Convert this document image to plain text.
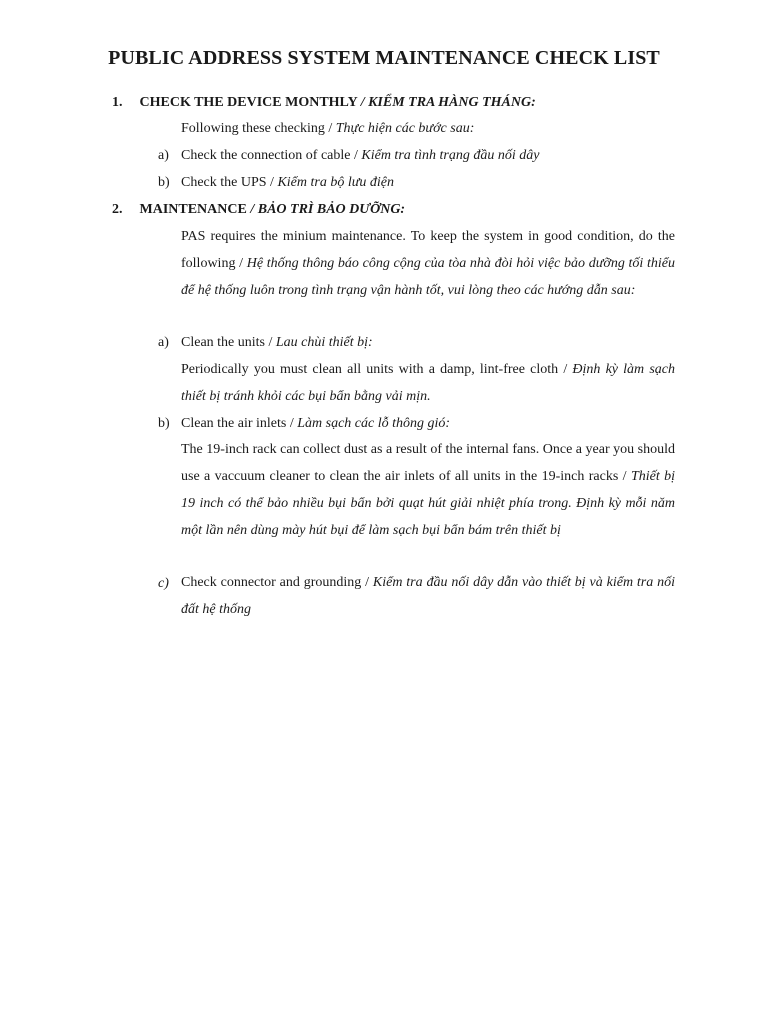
PUBLIC ADDRESS SYSTEM MAINTENANCE CHECK LIST
1. CHECK THE DEVICE MONTHLY / KIỂM TRA HÀNG THÁNG:
Following these checking / Thực hiện các bước sau:
a) Check the connection of cable / Kiểm tra tình trạng đầu nối dây
b) Check the UPS / Kiểm tra bộ lưu điện
2. MAINTENANCE / BẢO TRÌ BẢO DƯỠNG:

PAS requires the minium maintenance. To keep the system in good condition, do the following / Hệ thống thông báo công cộng của tòa nhà đòi hỏi việc bảo dưỡng tối thiểu để hệ thống luôn trong tình trạng vận hành tốt, vui lòng theo các hướng dẫn sau:

a) Clean the units / Lau chùi thiết bị:

Periodically you must clean all units with a damp, lint-free cloth / Định kỳ làm sạch thiết bị tránh khỏi các bụi bẩn bằng vải mịn.

b) Clean the air inlets / Làm sạch các lỗ thông gió:

The 19-inch rack can collect dust as a result of the internal fans. Once a year you should use a vaccuum cleaner to clean the air inlets of all units in the 19-inch racks / Thiết bị 19 inch có thể bảo nhiều bụi bẩn bởi quạt hút giải nhiệt phía trong. Định kỳ mỗi năm một lần nên dùng mày hút bụi để làm sạch bụi bẩn bám trên thiết bị

c) Check connector and grounding / Kiểm tra đầu nối dây dẫn vào thiết bị và kiểm tra nối đất hệ thống
